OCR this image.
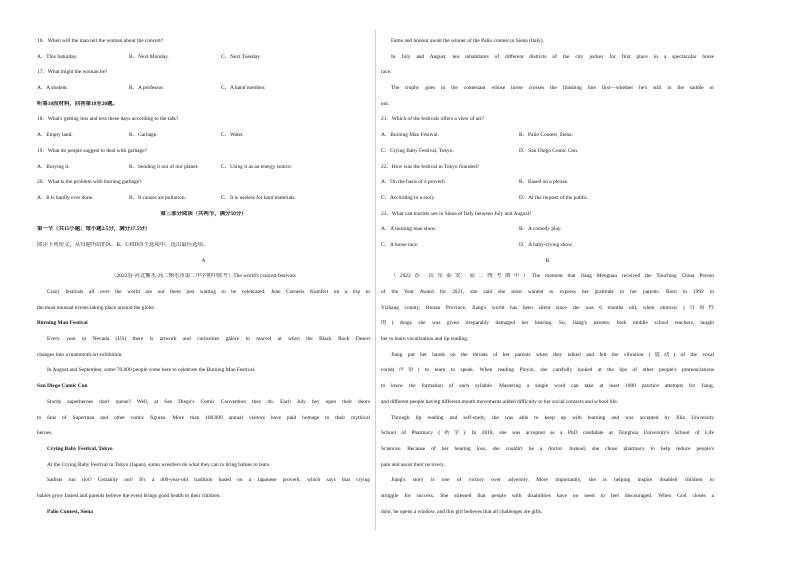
16．When will the man tell the woman about the concert?
A．This Saturday.	B．Next Monday.	C．Next Tuesday.
17．What might the woman be?
A．A student.	B．A professor.	C．A band member.
听第10段材料，回答第18至20题。
18．What's getting less and less these days according to the talk?
A．Empty land.	B．Garbage.	C．Water.
19．What do people suggest to deal with garbage?
A．Burying it.	B．Sending it out of our planet.	C．Using it as an energy source.
20．What is the problem with burning garbage?
A．It is hardly ever done.	B．It causes air pollution.	C．It is useless for hard materials.
第三部分阅读（共两节，满分50分）
第一节（共15小题；每小题2.5分，满分37.5分）
阅读下列短文，从每题所给的A、B、C和D四个选项中，选出最佳选项。
A
（2022春·河北衡水·高二衡水市第二中学期中联考）The world's craziest festivals
Crazy festivals all over the world are out there just waiting to be celebrated. Jean Cornelis Kumfert on a trip to
the most unusual events taking place around the globe.
Burning Man Festival
Every year in Nevada (US) there is artwork and curiosities galore to marvel at when the Black Rock Desert
changes into a mammoth art exhibition.
In August and September, some 70,000 people come here to celebrate the Burning Man Festival.
San Diego Comic Con
Sturdy superheroes don't queue? Well, at San Diego's Comic Convention they do. Each July hey open their doors
to fans of Superman and other comic figures. More than 100,000 annual visitors have paid homage to their mythical
heroes.
Crying Baby Festival, Tokyo
At the Crying Baby Festival in Tokyo (Japan), sumo wrestlers do what they can to bring babies to tears.
Sadists run riot? Certainly not! It's a 400-year-old tradition based on a Japanese proverb, which says that crying
babies grow fastest and parents believe the event brings good health to their children.
Palio Contest, Siena
Fame and honour await the winner of the Palio contest in Siena (Italy).
In July and August, ten inhabitants of different districts of the city jockey for first place in a spectacular horse
race.
The trophy goes to the contestant whose horse crosses the finishing line first—whether he's still in the saddle or
not.
21．Which of the festivals offers a view of art?
A．Burning Man Festival.	B．Palio Contest, Siena.
C．Crying Baby Festival, Tokyo.	D．San Diego Comic Con.
22．How was the festival in Tokyo founded?
A．On the basis of a proverb.	B．Based on a phrase.
C．According to a story.	D．At the request of the public.
23．What can tourists see in Siena of Italy between July and August?
A．A burning man show.	B．A comedy play.
C．A horse race.	D．A baby-crying show.
B
（2022春·山东泰安·高二统考期中）The moment that Jiang Mengnan received the Touching China Person
of the Year Award for 2021, she said she most wanted to express her gratitude to her parents. Born in 1992 in
Yizhang county, Hunan Province, Jiang's world has been silent since she was 6 months old, when ototoxic (耳毒性
的) drugs she was given irreparably damaged her hearing. So, Jiang's parents, both middle school teachers, taught
her to learn vocalization and lip reading.
Jiang put her hands on the throats of her parents when they talked and felt the vibration (震动) of the vocal
cords(声带) to learn to speak. When reading Pinyin, she carefully looked at the lips of other people's pronunciations
to know the formation of each syllable. Mastering a single word can take at least 1000 practice attempts for Jiang,
and different people having different mouth movements added difficulty to her social contacts and school life.
Through lip reading and self-study, she was able to keep up with learning and was accepted by Jilin University
School of Pharmacy (药学). In 2018, she was accepted as a PhD candidate at Tsinghua University's School of Life
Sciences. Because of her hearing loss, she couldn't be a doctor. Instead, she chose pharmacy to help reduce people's
pain and assist their recovery.
Jiang's story is one of victory over adversity. More importantly, she is helping inspire disabled children to
struggle for success. She stressed that people with disabilities have no need to feel discouraged. When God closes a
door, he opens a window, and this girl believes that all challenges are gifts.
